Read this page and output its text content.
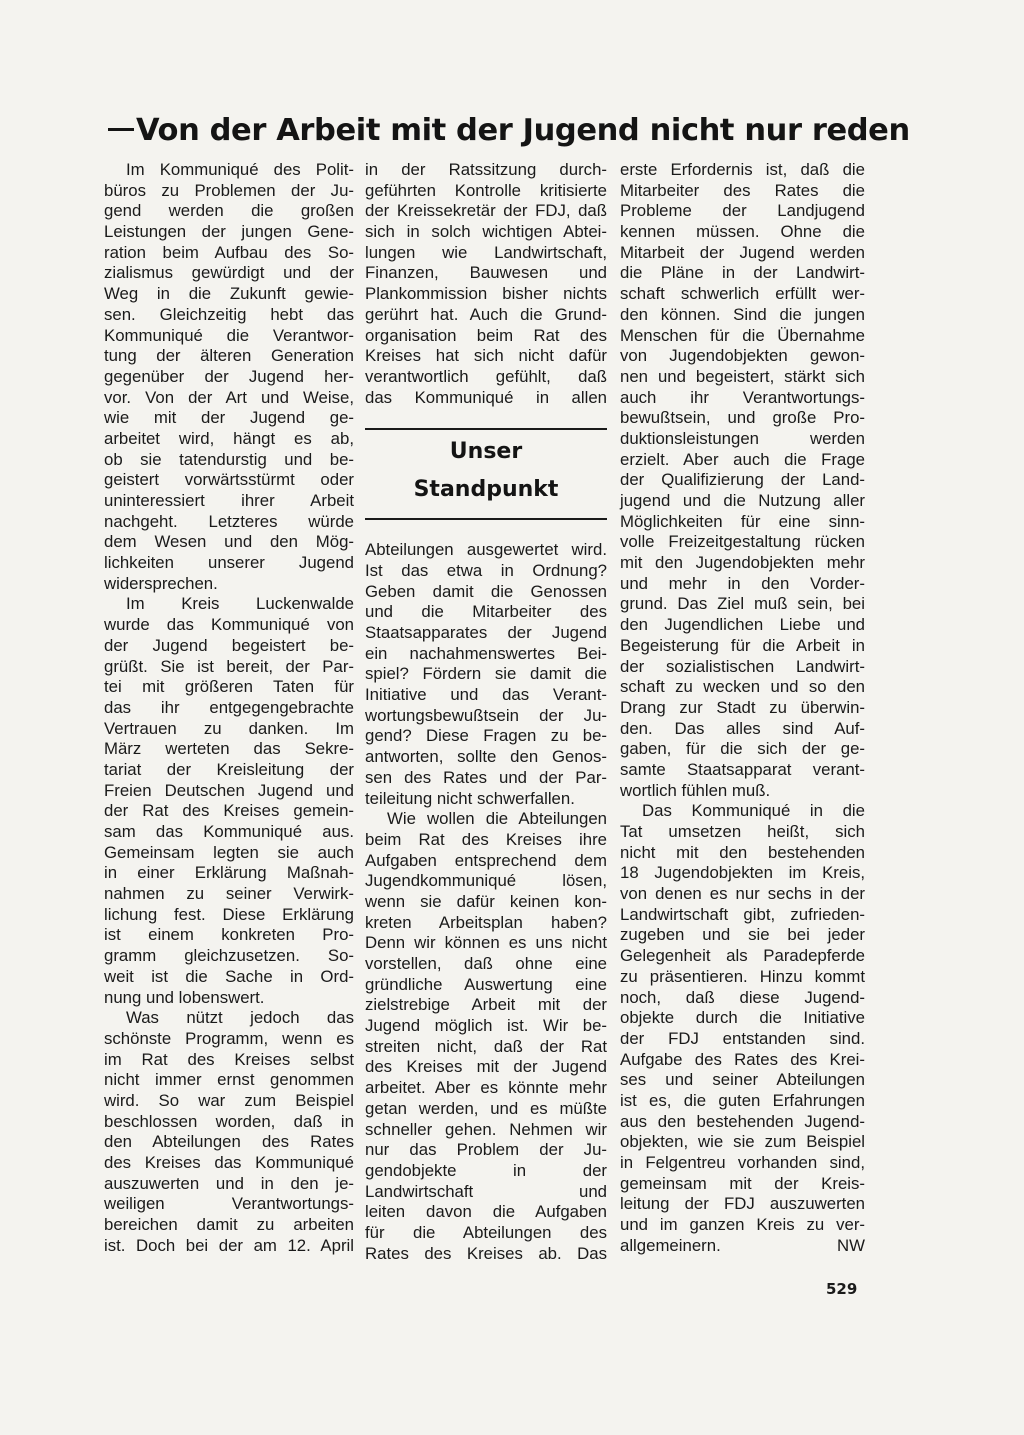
Von der Arbeit mit der Jugend nicht nur reden
Im Kommuniqué des Polit-
büros zu Problemen der Ju-
gend werden die großen
Leistungen der jungen Gene-
ration beim Aufbau des So-
zialismus gewürdigt und der
Weg in die Zukunft gewie-
sen. Gleichzeitig hebt das
Kommuniqué die Verantwor-
tung der älteren Generation
gegenüber der Jugend her-
vor. Von der Art und Weise,
wie mit der Jugend ge-
arbeitet wird, hängt es ab,
ob sie tatendurstig und be-
geistert vorwärtsstürmt oder
uninteressiert ihrer Arbeit
nachgeht. Letzteres würde
dem Wesen und den Mög-
lichkeiten unserer Jugend
widersprechen.
Im Kreis Luckenwalde
wurde das Kommuniqué von
der Jugend begeistert be-
grüßt. Sie ist bereit, der Par-
tei mit größeren Taten für
das ihr entgegengebrachte
Vertrauen zu danken. Im
März werteten das Sekre-
tariat der Kreisleitung der
Freien Deutschen Jugend und
der Rat des Kreises gemein-
sam das Kommuniqué aus.
Gemeinsam legten sie auch
in einer Erklärung Maßnah-
nahmen zu seiner Verwirk-
lichung fest. Diese Erklärung
ist einem konkreten Pro-
gramm gleichzusetzen. So-
weit ist die Sache in Ord-
nung und lobenswert.
Was nützt jedoch das
schönste Programm, wenn es
im Rat des Kreises selbst
nicht immer ernst genommen
wird. So war zum Beispiel
beschlossen worden, daß in
den Abteilungen des Rates
des Kreises das Kommuniqué
auszuwerten und in den je-
weiligen Verantwortungs-
bereichen damit zu arbeiten
ist. Doch bei der am 12. April
in der Ratssitzung durch-
geführten Kontrolle kritisierte
der Kreissekretär der FDJ, daß
sich in solch wichtigen Abtei-
lungen wie Landwirtschaft,
Finanzen, Bauwesen und
Plankommission bisher nichts
gerührt hat. Auch die Grund-
organisation beim Rat des
Kreises hat sich nicht dafür
verantwortlich gefühlt, daß
das Kommuniqué in allen
Unser
Standpunkt
Abteilungen ausgewertet wird.
Ist das etwa in Ordnung?
Geben damit die Genossen
und die Mitarbeiter des
Staatsapparates der Jugend
ein nachahmenswertes Bei-
spiel? Fördern sie damit die
Initiative und das Verant-
wortungsbewußtsein der Ju-
gend? Diese Fragen zu be-
antworten, sollte den Genos-
sen des Rates und der Par-
teileitung nicht schwerfallen.
Wie wollen die Abteilungen
beim Rat des Kreises ihre
Aufgaben entsprechend dem
Jugendkommuniqué lösen,
wenn sie dafür keinen kon-
kreten Arbeitsplan haben?
Denn wir können es uns nicht
vorstellen, daß ohne eine
gründliche Auswertung eine
zielstrebige Arbeit mit der
Jugend möglich ist. Wir be-
streiten nicht, daß der Rat
des Kreises mit der Jugend
arbeitet. Aber es könnte mehr
getan werden, und es müßte
schneller gehen. Nehmen wir
nur das Problem der Ju-
gendobjekte in der
Landwirtschaft und
leiten davon die Aufgaben
für die Abteilungen des
Rates des Kreises ab. Das
erste Erfordernis ist, daß die
Mitarbeiter des Rates die
Probleme der Landjugend
kennen müssen. Ohne die
Mitarbeit der Jugend werden
die Pläne in der Landwirt-
schaft schwerlich erfüllt wer-
den können. Sind die jungen
Menschen für die Übernahme
von Jugendobjekten gewon-
nen und begeistert, stärkt sich
auch ihr Verantwortungs-
bewußtsein, und große Pro-
duktionsleistungen werden
erzielt. Aber auch die Frage
der Qualifizierung der Land-
jugend und die Nutzung aller
Möglichkeiten für eine sinn-
volle Freizeitgestaltung rücken
mit den Jugendobjekten mehr
und mehr in den Vorder-
grund. Das Ziel muß sein, bei
den Jugendlichen Liebe und
Begeisterung für die Arbeit in
der sozialistischen Landwirt-
schaft zu wecken und so den
Drang zur Stadt zu überwin-
den. Das alles sind Auf-
gaben, für die sich der ge-
samte Staatsapparat verant-
wortlich fühlen muß.
Das Kommuniqué in die
Tat umsetzen heißt, sich
nicht mit den bestehenden
18 Jugendobjekten im Kreis,
von denen es nur sechs in der
Landwirtschaft gibt, zufrieden-
zugeben und sie bei jeder
Gelegenheit als Paradepferde
zu präsentieren. Hinzu kommt
noch, daß diese Jugend-
objekte durch die Initiative
der FDJ entstanden sind.
Aufgabe des Rates des Krei-
ses und seiner Abteilungen
ist es, die guten Erfahrungen
aus den bestehenden Jugend-
objekten, wie sie zum Beispiel
in Felgentreu vorhanden sind,
gemeinsam mit der Kreis-
leitung der FDJ auszuwerten
und im ganzen Kreis zu ver-
allgemeinern. NW
529
